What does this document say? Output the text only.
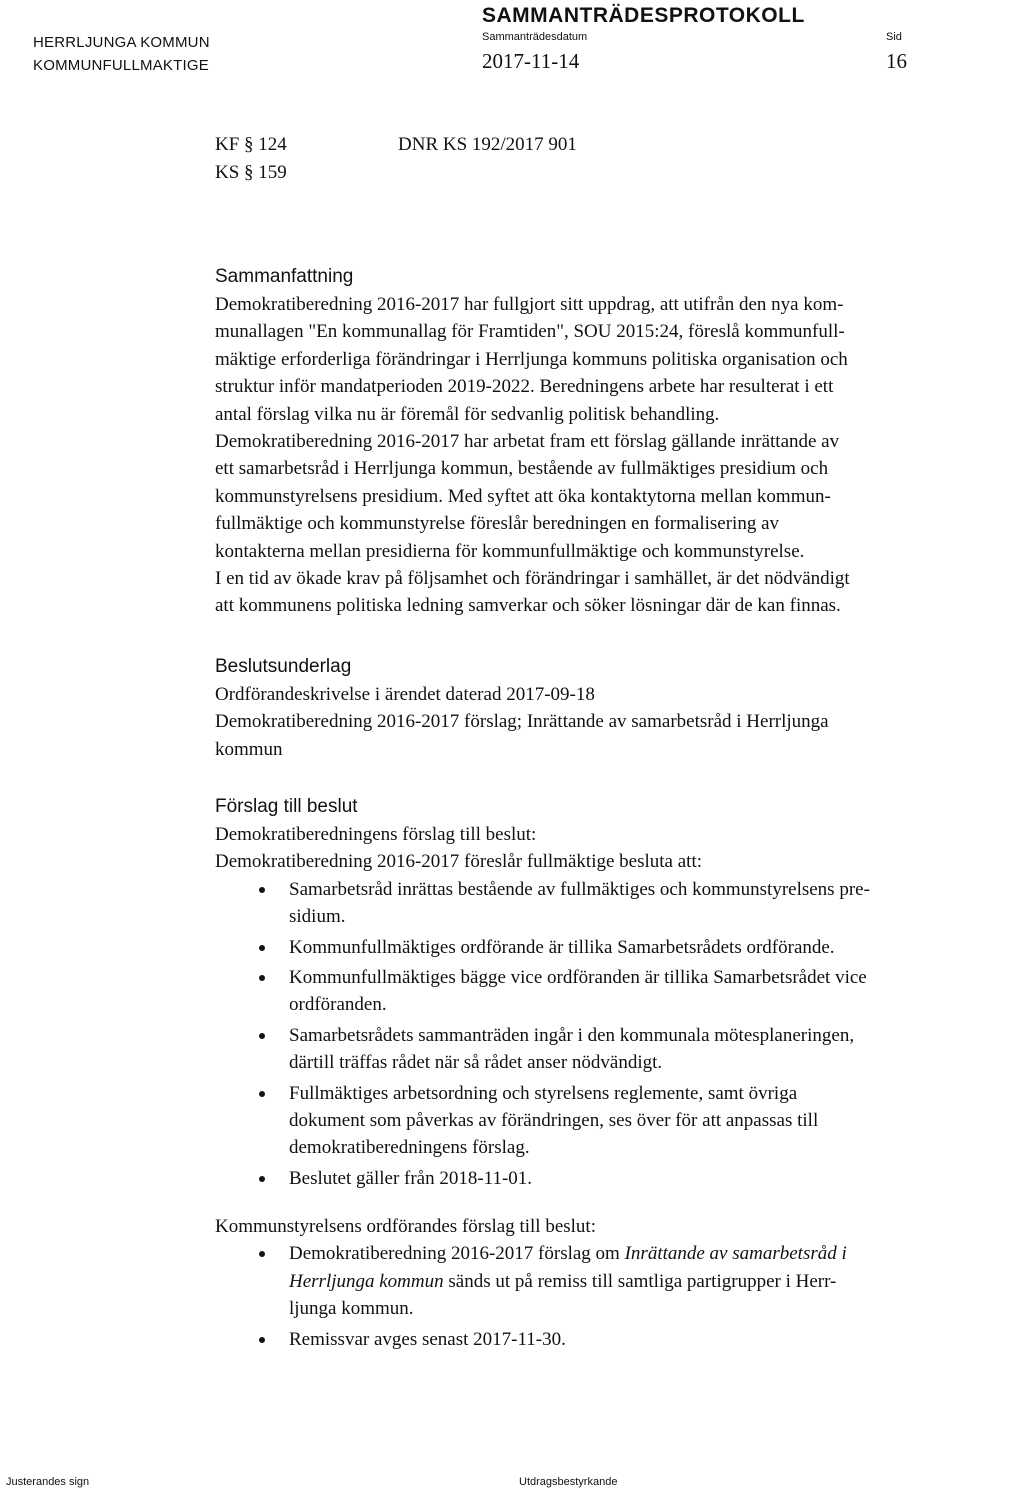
HERRLJUNGA KOMMUN
KOMMUNFULLMAKTIGE
SAMMANTRÄDESPROTOKOLL
Sammanträdesdatum
2017-11-14
Sid
16
KF § 124
KS § 159
DNR KS 192/2017 901
Sammanfattning

Demokratiberedning 2016-2017 har fullgjort sitt uppdrag, att utifrån den nya kom-

munallagen "En kommunallag för Framtiden", SOU 2015:24, föreslå kommunfull-

mäktige erforderliga förändringar i Herrljunga kommuns politiska organisation och

struktur inför mandatperioden 2019-2022. Beredningens arbete har resulterat i ett

antal förslag vilka nu är föremål för sedvanlig politisk behandling.

Demokratiberedning 2016-2017 har arbetat fram ett förslag gällande inrättande av

ett samarbetsråd i Herrljunga kommun, bestående av fullmäktiges presidium och

kommunstyrelsens presidium. Med syftet att öka kontaktytorna mellan kommun-

fullmäktige och kommunstyrelse föreslår beredningen en formalisering av

kontakterna mellan presidierna för kommunfullmäktige och kommunstyrelse.

I en tid av ökade krav på följsamhet och förändringar i samhället, är det nödvändigt

att kommunens politiska ledning samverkar och söker lösningar där de kan finnas.

Beslutsunderlag

Ordförandeskrivelse i ärendet daterad 2017-09-18

Demokratiberedning 2016-2017 förslag; Inrättande av samarbetsråd i Herrljunga

kommun

Förslag till beslut

Demokratiberedningens förslag till beslut:

Demokratiberedning 2016-2017 föreslår fullmäktige besluta att:

Samarbetsråd inrättas bestående av fullmäktiges och kommunstyrelsens pre-
sidium.
Kommunfullmäktiges ordförande är tillika Samarbetsrådets ordförande.
Kommunfullmäktiges bägge vice ordföranden är tillika Samarbetsrådet vice
ordföranden.
Samarbetsrådets sammanträden ingår i den kommunala mötesplaneringen,
därtill träffas rådet när så rådet anser nödvändigt.
Fullmäktiges arbetsordning och styrelsens reglemente, samt övriga
dokument som påverkas av förändringen, ses över för att anpassas till
demokratiberedningens förslag.
Beslutet gäller från 2018-11-01.

Kommunstyrelsens ordförandes förslag till beslut:

Demokratiberedning 2016-2017 förslag om Inrättande av samarbetsråd i
Herrljunga kommun sänds ut på remiss till samtliga partigrupper i Herr-
ljunga kommun.
Remissvar avges senast 2017-11-30.
Justerandes sign	Utdragsbestyrkande
